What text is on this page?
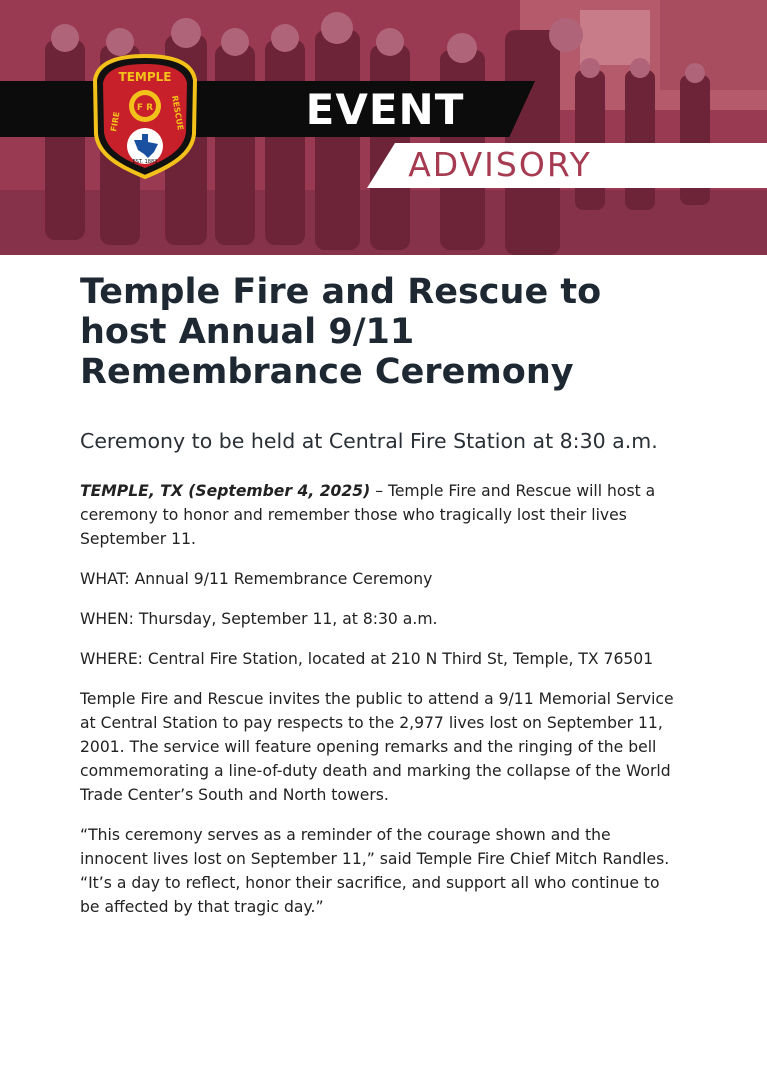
EVENT
ADVISORY
TEMPLE
F R
FIRE	RESCUE
EST. 1883
Temple Fire and Rescue to host Annual 9/11 Remembrance Ceremony
Ceremony to be held at Central Fire Station at 8:30 a.m.

TEMPLE, TX (September 4, 2025) – Temple Fire and Rescue will host a ceremony to honor and remember those who tragically lost their lives September 11.

WHAT: Annual 9/11 Remembrance Ceremony

WHEN: Thursday, September 11, at 8:30 a.m.

WHERE: Central Fire Station, located at 210 N Third St, Temple, TX 76501

Temple Fire and Rescue invites the public to attend a 9/11 Memorial Service at Central Station to pay respects to the 2,977 lives lost on September 11, 2001. The service will feature opening remarks and the ringing of the bell commemorating a line-of-duty death and marking the collapse of the World Trade Center’s South and North towers.

“This ceremony serves as a reminder of the courage shown and the innocent lives lost on September 11,” said Temple Fire Chief Mitch Randles. “It’s a day to reflect, honor their sacrifice, and support all who continue to be affected by that tragic day.”
